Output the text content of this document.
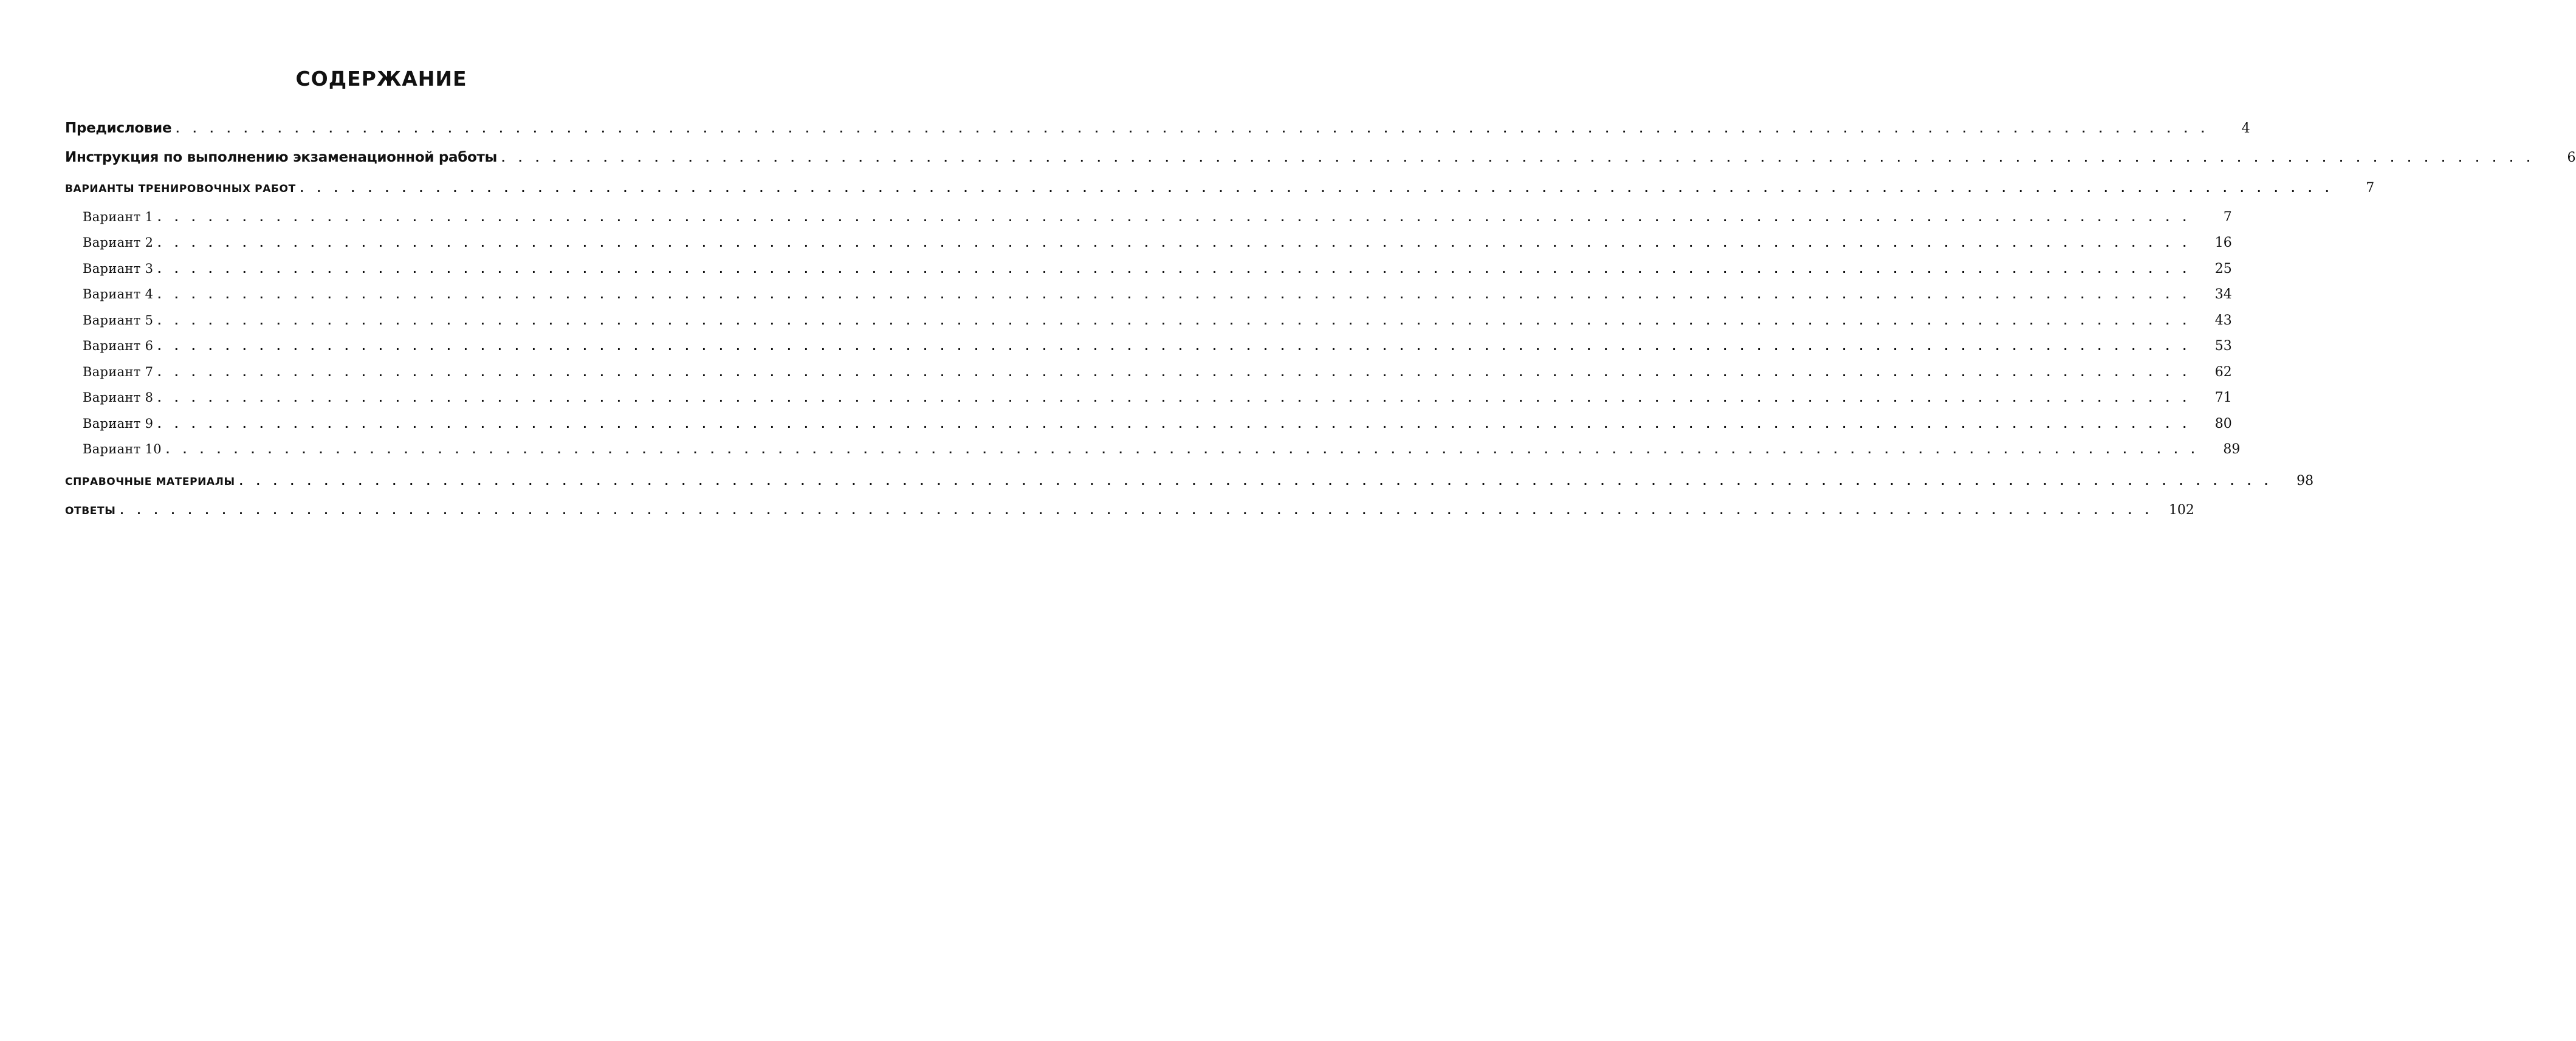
СОДЕРЖАНИЕ
Предисловие . . . . . . . . . . . . . . . . . . . . . . . . . . . . . . . . . . . . . . . . . . . . . . . . . . . . . . . . . . . . . . . . . . . . . . . . . . . . . . . . . . . . . . . . . . . . . . . . . . . . . . . . . . . . . . . . . . . . . . . .	4
Инструкция по выполнению экзаменационной работы . . . . . . . . . . . . . . . . . . . . . . . . . . . . . . . . . . . . . . . . . . . . . . . . . . . . . . . . . . . . . . . . . . . . . . . . . . . . . . . . . . . . . . . . . . . . . . . . . . . . . . . . . . . . . . . . . . . . . . . .	6
ВАРИАНТЫ ТРЕНИРОВОЧНЫХ РАБОТ . . . . . . . . . . . . . . . . . . . . . . . . . . . . . . . . . . . . . . . . . . . . . . . . . . . . . . . . . . . . . . . . . . . . . . . . . . . . . . . . . . . . . . . . . . . . . . . . . . . . . . . . . . . . . . . . . . . . . . . .	7
Вариант 1 . . . . . . . . . . . . . . . . . . . . . . . . . . . . . . . . . . . . . . . . . . . . . . . . . . . . . . . . . . . . . . . . . . . . . . . . . . . . . . . . . . . . . . . . . . . . . . . . . . . . . . . . . . . . . . . . . . . . . . . .	7
Вариант 2 . . . . . . . . . . . . . . . . . . . . . . . . . . . . . . . . . . . . . . . . . . . . . . . . . . . . . . . . . . . . . . . . . . . . . . . . . . . . . . . . . . . . . . . . . . . . . . . . . . . . . . . . . . . . . . . . . . . . . . . .	16
Вариант 3 . . . . . . . . . . . . . . . . . . . . . . . . . . . . . . . . . . . . . . . . . . . . . . . . . . . . . . . . . . . . . . . . . . . . . . . . . . . . . . . . . . . . . . . . . . . . . . . . . . . . . . . . . . . . . . . . . . . . . . . .	25
Вариант 4 . . . . . . . . . . . . . . . . . . . . . . . . . . . . . . . . . . . . . . . . . . . . . . . . . . . . . . . . . . . . . . . . . . . . . . . . . . . . . . . . . . . . . . . . . . . . . . . . . . . . . . . . . . . . . . . . . . . . . . . .	34
Вариант 5 . . . . . . . . . . . . . . . . . . . . . . . . . . . . . . . . . . . . . . . . . . . . . . . . . . . . . . . . . . . . . . . . . . . . . . . . . . . . . . . . . . . . . . . . . . . . . . . . . . . . . . . . . . . . . . . . . . . . . . . .	43
Вариант 6 . . . . . . . . . . . . . . . . . . . . . . . . . . . . . . . . . . . . . . . . . . . . . . . . . . . . . . . . . . . . . . . . . . . . . . . . . . . . . . . . . . . . . . . . . . . . . . . . . . . . . . . . . . . . . . . . . . . . . . . .	53
Вариант 7 . . . . . . . . . . . . . . . . . . . . . . . . . . . . . . . . . . . . . . . . . . . . . . . . . . . . . . . . . . . . . . . . . . . . . . . . . . . . . . . . . . . . . . . . . . . . . . . . . . . . . . . . . . . . . . . . . . . . . . . .	62
Вариант 8 . . . . . . . . . . . . . . . . . . . . . . . . . . . . . . . . . . . . . . . . . . . . . . . . . . . . . . . . . . . . . . . . . . . . . . . . . . . . . . . . . . . . . . . . . . . . . . . . . . . . . . . . . . . . . . . . . . . . . . . .	71
Вариант 9 . . . . . . . . . . . . . . . . . . . . . . . . . . . . . . . . . . . . . . . . . . . . . . . . . . . . . . . . . . . . . . . . . . . . . . . . . . . . . . . . . . . . . . . . . . . . . . . . . . . . . . . . . . . . . . . . . . . . . . . .	80
Вариант 10 . . . . . . . . . . . . . . . . . . . . . . . . . . . . . . . . . . . . . . . . . . . . . . . . . . . . . . . . . . . . . . . . . . . . . . . . . . . . . . . . . . . . . . . . . . . . . . . . . . . . . . . . . . . . . . . . . . . . . . . .	89
СПРАВОЧНЫЕ МАТЕРИАЛЫ . . . . . . . . . . . . . . . . . . . . . . . . . . . . . . . . . . . . . . . . . . . . . . . . . . . . . . . . . . . . . . . . . . . . . . . . . . . . . . . . . . . . . . . . . . . . . . . . . . . . . . . . . . . . . . . . . . . . . . . .	98
ОТВЕТЫ . . . . . . . . . . . . . . . . . . . . . . . . . . . . . . . . . . . . . . . . . . . . . . . . . . . . . . . . . . . . . . . . . . . . . . . . . . . . . . . . . . . . . . . . . . . . . . . . . . . . . . . . . . . . . . . . . . . . . . . . 102
